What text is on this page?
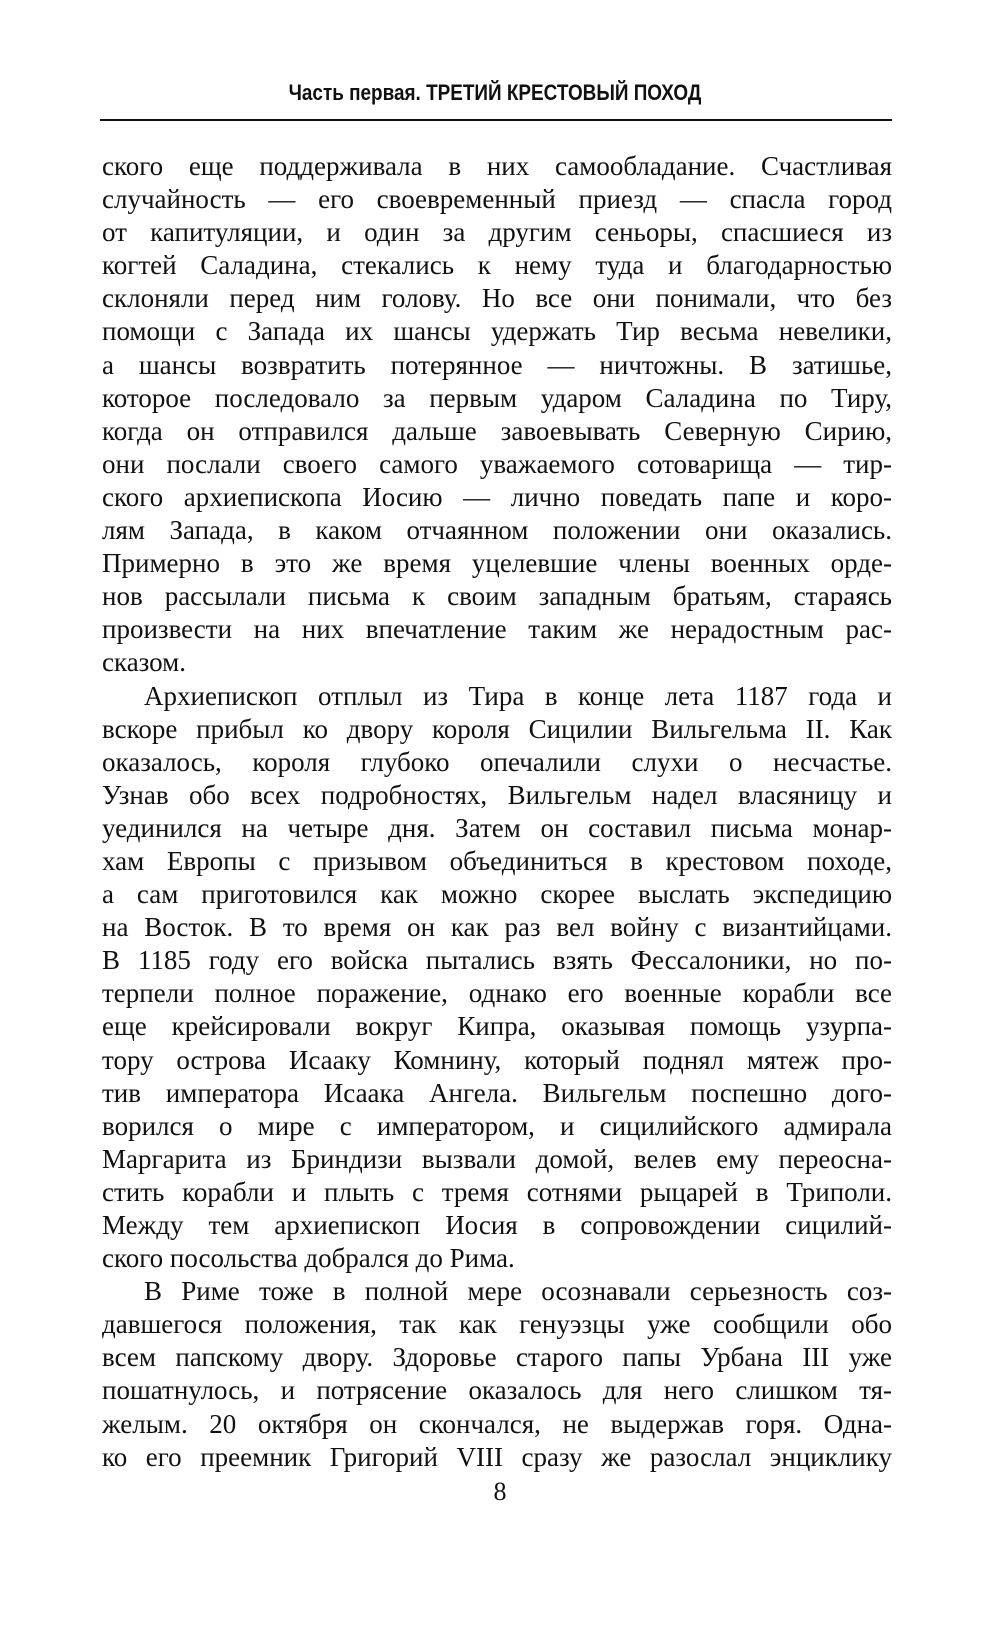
Часть первая. ТРЕТИЙ КРЕСТОВЫЙ ПОХОД
ского еще поддерживала в них самообладание. Счастливая
случайность — его своевременный приезд — спасла город
от капитуляции, и один за другим сеньоры, спасшиеся из
когтей Саладина, стекались к нему туда и благодарностью
склоняли перед ним голову. Но все они понимали, что без
помощи с Запада их шансы удержать Тир весьма невелики,
а шансы возвратить потерянное — ничтожны. В затишье,
которое последовало за первым ударом Саладина по Тиру,
когда он отправился дальше завоевывать Северную Сирию,
они послали своего самого уважаемого сотоварища — тир-
ского архиепископа Иосию — лично поведать папе и коро-
лям Запада, в каком отчаянном положении они оказались.
Примерно в это же время уцелевшие члены военных орде-
нов рассылали письма к своим западным братьям, стараясь
произвести на них впечатление таким же нерадостным рас-
сказом.
Архиепископ отплыл из Тира в конце лета 1187 года и
вскоре прибыл ко двору короля Сицилии Вильгельма II. Как
оказалось, короля глубоко опечалили слухи о несчастье.
Узнав обо всех подробностях, Вильгельм надел власяницу и
уединился на четыре дня. Затем он составил письма монар-
хам Европы с призывом объединиться в крестовом походе,
а сам приготовился как можно скорее выслать экспедицию
на Восток. В то время он как раз вел войну с византийцами.
В 1185 году его войска пытались взять Фессалоники, но по-
терпели полное поражение, однако его военные корабли все
еще крейсировали вокруг Кипра, оказывая помощь узурпа-
тору острова Исааку Комнину, который поднял мятеж про-
тив императора Исаака Ангела. Вильгельм поспешно дого-
ворился о мире с императором, и сицилийского адмирала
Маргарита из Бриндизи вызвали домой, велев ему переосна-
стить корабли и плыть с тремя сотнями рыцарей в Триполи.
Между тем архиепископ Иосия в сопровождении сицилий-
ского посольства добрался до Рима.
В Риме тоже в полной мере осознавали серьезность соз-
давшегося положения, так как генуэзцы уже сообщили обо
всем папскому двору. Здоровье старого папы Урбана III уже
пошатнулось, и потрясение оказалось для него слишком тя-
желым. 20 октября он скончался, не выдержав горя. Одна-
ко его преемник Григорий VIII сразу же разослал энциклику
8
